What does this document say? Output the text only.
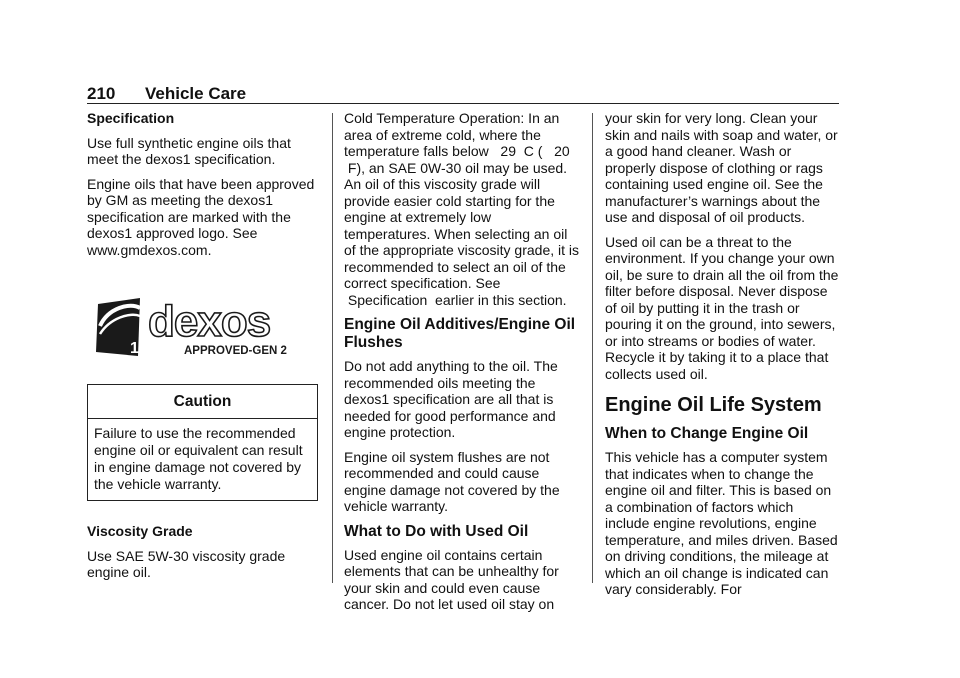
210 Vehicle Care
Specification

Use full synthetic engine oils that meet the dexos1 specification.

Engine oils that have been approved by GM as meeting the dexos1 specification are marked with the dexos1 approved logo. See www.gmdexos.com.

1
dexos
APPROVED-GEN 2
Caution
Failure to use the recommended engine oil or equivalent can result in engine damage not covered by the vehicle warranty.
Viscosity Grade

Use SAE 5W-30 viscosity grade engine oil.

Cold Temperature Operation: In an area of extreme cold, where the temperature falls below   29  C (   20  F), an SAE 0W-30 oil may be used. An oil of this viscosity grade will provide easier cold starting for the engine at extremely low temperatures. When selecting an oil of the appropriate viscosity grade, it is recommended to select an oil of the correct specification. See  Specification  earlier in this section.

Engine Oil Additives/Engine Oil Flushes

Do not add anything to the oil. The recommended oils meeting the dexos1 specification are all that is needed for good performance and engine protection.

Engine oil system flushes are not recommended and could cause engine damage not covered by the vehicle warranty.

What to Do with Used Oil

Used engine oil contains certain elements that can be unhealthy for your skin and could even cause cancer. Do not let used oil stay on

your skin for very long. Clean your skin and nails with soap and water, or a good hand cleaner. Wash or properly dispose of clothing or rags containing used engine oil. See the manufacturer’s warnings about the use and disposal of oil products.

Used oil can be a threat to the environment. If you change your own oil, be sure to drain all the oil from the filter before disposal. Never dispose of oil by putting it in the trash or pouring it on the ground, into sewers, or into streams or bodies of water. Recycle it by taking it to a place that collects used oil.

Engine Oil Life System
When to Change Engine Oil

This vehicle has a computer system that indicates when to change the engine oil and filter. This is based on a combination of factors which include engine revolutions, engine temperature, and miles driven. Based on driving conditions, the mileage at which an oil change is indicated can vary considerably. For
